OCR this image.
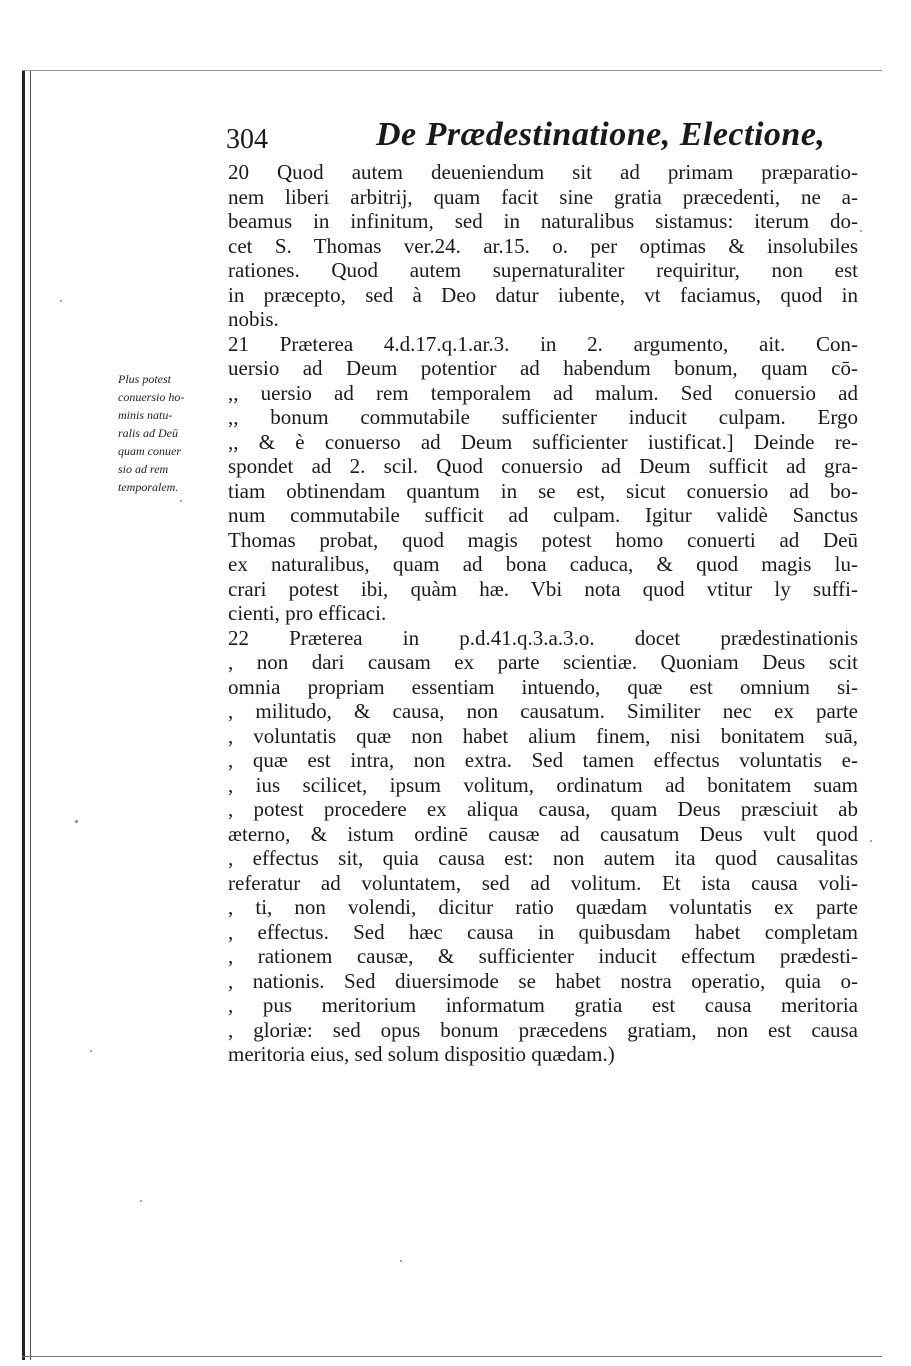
304	De Prædestinatione, Electione,
Plus potest
conuersio ho-
minis natu-
ralis ad Deū
quam conuer
sio ad rem
temporalem.
20 Quod autem deueniendum sit ad primam præparatio-
nem liberi arbitrij, quam facit sine gratia præcedenti, ne a-
beamus in infinitum, sed in naturalibus sistamus: iterum do-
cet S. Thomas ver.24. ar.15. o. per optimas & insolubiles
rationes. Quod autem supernaturaliter requiritur, non est
in præcepto, sed à Deo datur iubente, vt faciamus, quod in
nobis.
21 Præterea 4.d.17.q.1.ar.3. in 2. argumento, ait. Con-
uersio ad Deum potentior ad habendum bonum, quam cō-
,, uersio ad rem temporalem ad malum. Sed conuersio ad
,, bonum commutabile sufficienter inducit culpam. Ergo
,, & è conuerso ad Deum sufficienter iustificat.] Deinde re-
spondet ad 2. scil. Quod conuersio ad Deum sufficit ad gra-
tiam obtinendam quantum in se est, sicut conuersio ad bo-
num commutabile sufficit ad culpam. Igitur validè Sanctus
Thomas probat, quod magis potest homo conuerti ad Deū
ex naturalibus, quam ad bona caduca, & quod magis lu-
crari potest ibi, quàm hæ. Vbi nota quod vtitur ly suffi-
cienti, pro efficaci.
22 Præterea in p.d.41.q.3.a.3.o. docet prædestinationis
, non dari causam ex parte scientiæ. Quoniam Deus scit
omnia propriam essentiam intuendo, quæ est omnium si-
, militudo, & causa, non causatum. Similiter nec ex parte
, voluntatis quæ non habet alium finem, nisi bonitatem suā,
, quæ est intra, non extra. Sed tamen effectus voluntatis e-
, ius scilicet, ipsum volitum, ordinatum ad bonitatem suam
, potest procedere ex aliqua causa, quam Deus præsciuit ab
æterno, & istum ordinē causæ ad causatum Deus vult quod
, effectus sit, quia causa est: non autem ita quod causalitas
referatur ad voluntatem, sed ad volitum. Et ista causa voli-
, ti, non volendi, dicitur ratio quædam voluntatis ex parte
, effectus. Sed hæc causa in quibusdam habet completam
, rationem causæ, & sufficienter inducit effectum prædesti-
, nationis. Sed diuersimode se habet nostra operatio, quia o-
, pus meritorium informatum gratia est causa meritoria
, gloriæ: sed opus bonum præcedens gratiam, non est causa
meritoria eius, sed solum dispositio quædam.)
